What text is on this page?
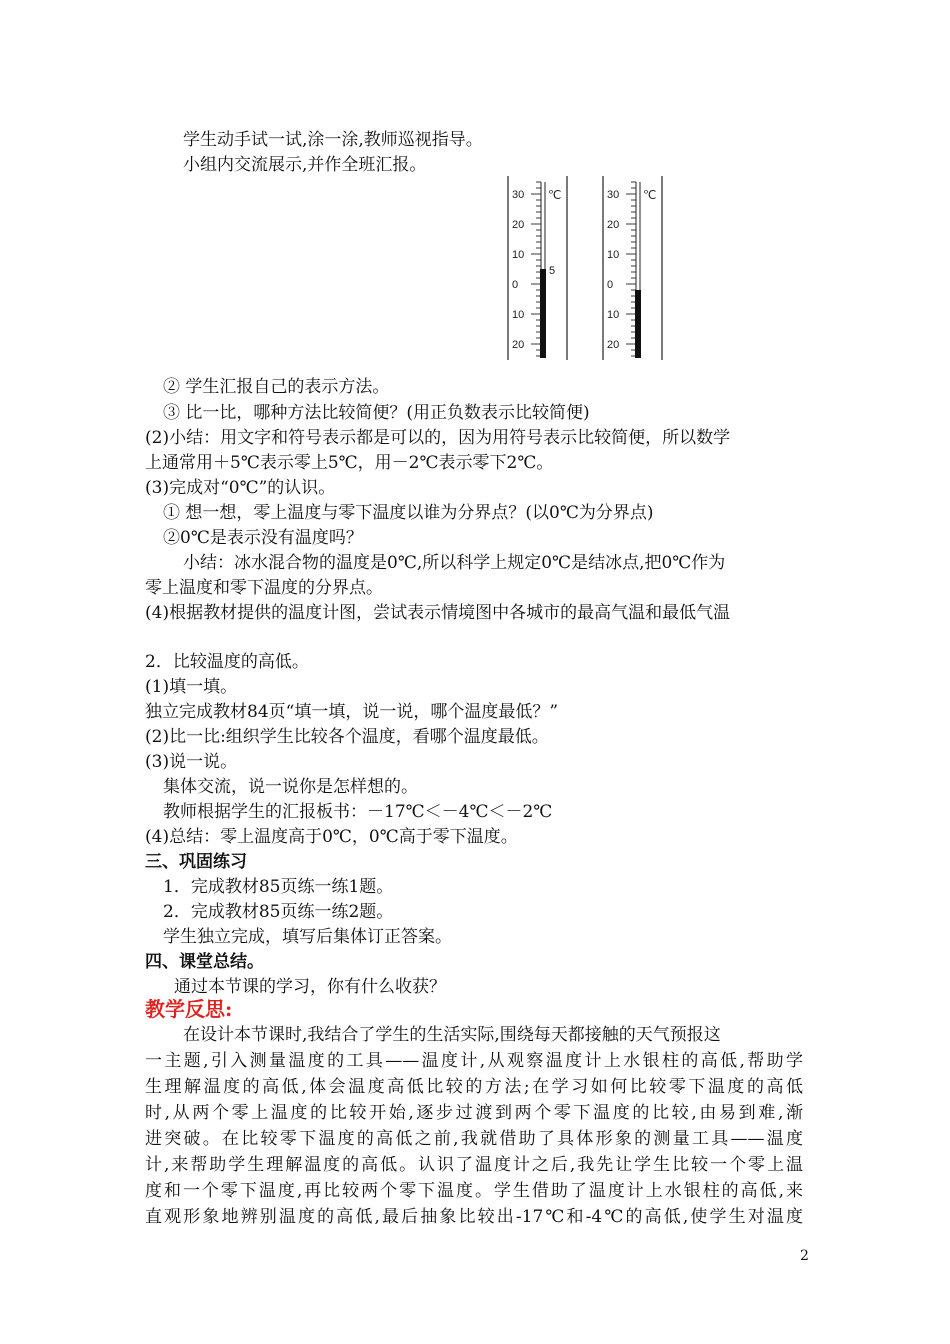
学生动手试一试,涂一涂,教师巡视指导。
小组内交流展示,并作全班汇报。
30
20
10
0
10
20
℃
5
30
20
10
0
10
20
℃
② 学生汇报自己的表示方法。
③ 比一比，哪种方法比较简便？(用正负数表示比较简便)
(2)小结：用文字和符号表示都是可以的，因为用符号表示比较简便，所以数学
上通常用＋5℃表示零上5℃，用－2℃表示零下2℃。
(3)完成对“0℃”的认识。
① 想一想，零上温度与零下温度以谁为分界点？(以0℃为分界点)
②0℃是表示没有温度吗？
小结：冰水混合物的温度是0℃,所以科学上规定0℃是结冰点,把0℃作为
零上温度和零下温度的分界点。
(4)根据教材提供的温度计图，尝试表示情境图中各城市的最高气温和最低气温
2．比较温度的高低。
(1)填一填。
独立完成教材84页“填一填，说一说，哪个温度最低？”
(2)比一比:组织学生比较各个温度，看哪个温度最低。
(3)说一说。
集体交流，说一说你是怎样想的。
教师根据学生的汇报板书：－17℃＜－4℃＜－2℃
(4)总结：零上温度高于0℃，0℃高于零下温度。
三、巩固练习
1．完成教材85页练一练1题。
2．完成教材85页练一练2题。
学生独立完成，填写后集体订正答案。
四、课堂总结。
通过本节课的学习，你有什么收获？
教学反思:
在设计本节课时,我结合了学生的生活实际,围绕每天都接触的天气预报这
一主题,引入测量温度的工具——温度计,从观察温度计上水银柱的高低,帮助学
生理解温度的高低,体会温度高低比较的方法;在学习如何比较零下温度的高低
时,从两个零上温度的比较开始,逐步过渡到两个零下温度的比较,由易到难,渐
进突破。在比较零下温度的高低之前,我就借助了具体形象的测量工具——温度
计,来帮助学生理解温度的高低。认识了温度计之后,我先让学生比较一个零上温
度和一个零下温度,再比较两个零下温度。学生借助了温度计上水银柱的高低,来
直观形象地辨别温度的高低,最后抽象比较出-17℃和-4℃的高低,使学生对温度
2
